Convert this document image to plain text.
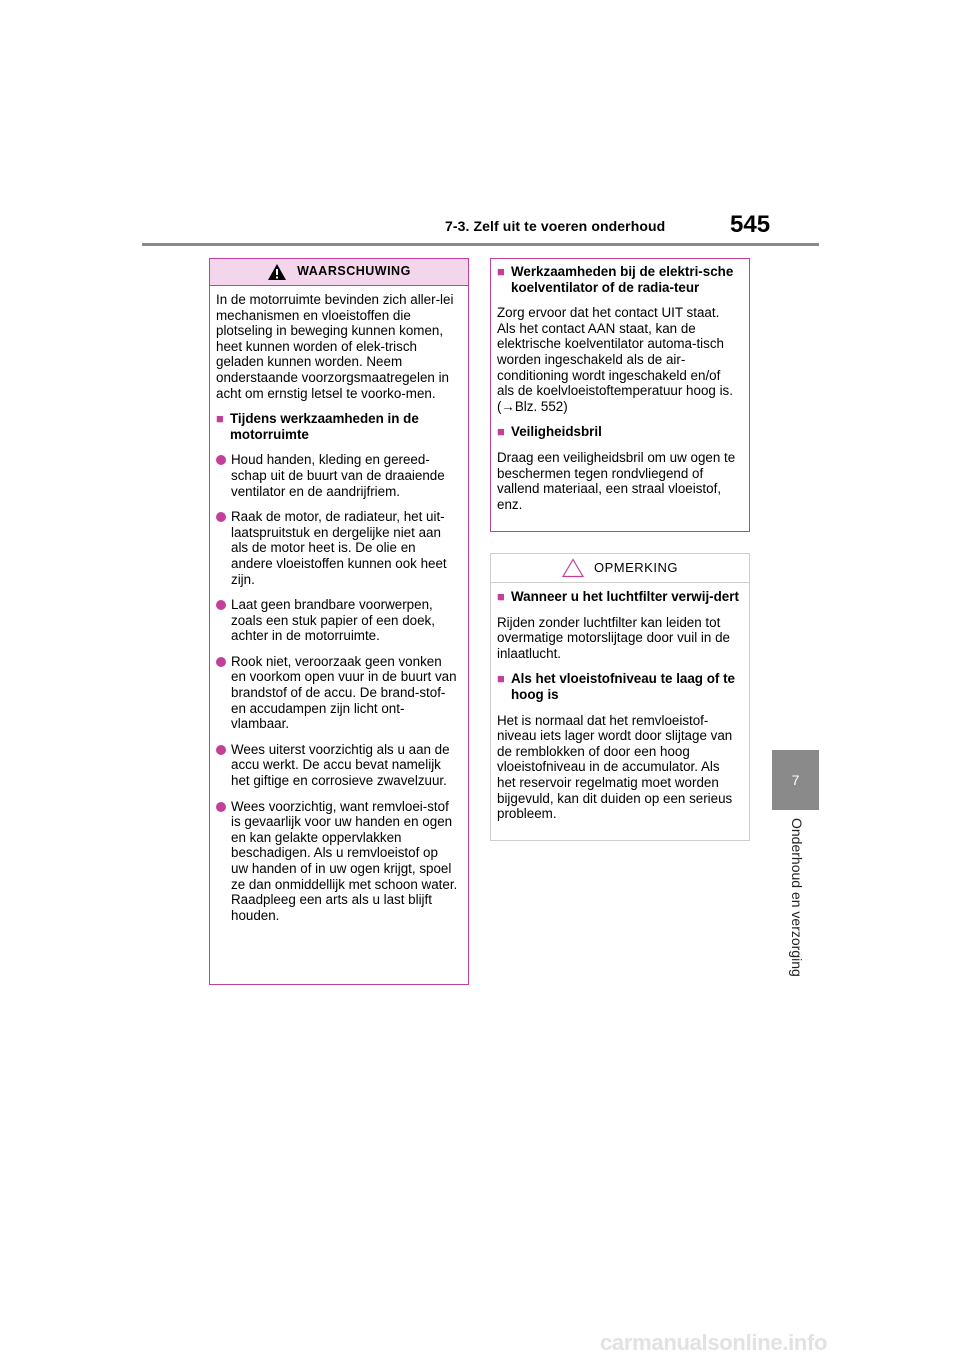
7-3. Zelf uit te voeren onderhoud	545
7
Onderhoud en verzorging
WAARSCHUWING

In de motorruimte bevinden zich aller-lei mechanismen en vloeistoffen die plotseling in beweging kunnen komen, heet kunnen worden of elek-trisch geladen kunnen worden. Neem onderstaande voorzorgsmaatregelen in acht om ernstig letsel te voorko-men.

■ Tijdens werkzaamheden in de motorruimte
Houd handen, kleding en gereed-schap uit de buurt van de draaiende ventilator en de aandrijfriem.
Raak de motor, de radiateur, het uit-laatspruitstuk en dergelijke niet aan als de motor heet is. De olie en andere vloeistoffen kunnen ook heet zijn.
Laat geen brandbare voorwerpen, zoals een stuk papier of een doek, achter in de motorruimte.
Rook niet, veroorzaak geen vonken en voorkom open vuur in de buurt van brandstof of de accu. De brand-stof- en accudampen zijn licht ont-vlambaar.
Wees uiterst voorzichtig als u aan de accu werkt. De accu bevat namelijk het giftige en corrosieve zwavelzuur.
Wees voorzichtig, want remvloei-stof is gevaarlijk voor uw handen en ogen en kan gelakte oppervlakken beschadigen. Als u remvloeistof op uw handen of in uw ogen krijgt, spoel ze dan onmiddellijk met schoon water. Raadpleeg een arts als u last blijft houden.
■ Werkzaamheden bij de elektri-sche koelventilator of de radia-teur

Zorg ervoor dat het contact UIT staat. Als het contact AAN staat, kan de elektrische koelventilator automa-tisch worden ingeschakeld als de air-conditioning wordt ingeschakeld en/of als de koelvloeistoftemperatuur hoog is. (→Blz. 552)

■ Veiligheidsbril

Draag een veiligheidsbril om uw ogen te beschermen tegen rondvliegend of vallend materiaal, een straal vloeistof, enz.

OPMERKING
■ Wanneer u het luchtfilter verwij-dert

Rijden zonder luchtfilter kan leiden tot overmatige motorslijtage door vuil in de inlaatlucht.

■ Als het vloeistofniveau te laag of te hoog is

Het is normaal dat het remvloeistof-niveau iets lager wordt door slijtage van de remblokken of door een hoog vloeistofniveau in de accumulator. Als het reservoir regelmatig moet worden bijgevuld, kan dit duiden op een serieus probleem.

carmanualsonline.info
